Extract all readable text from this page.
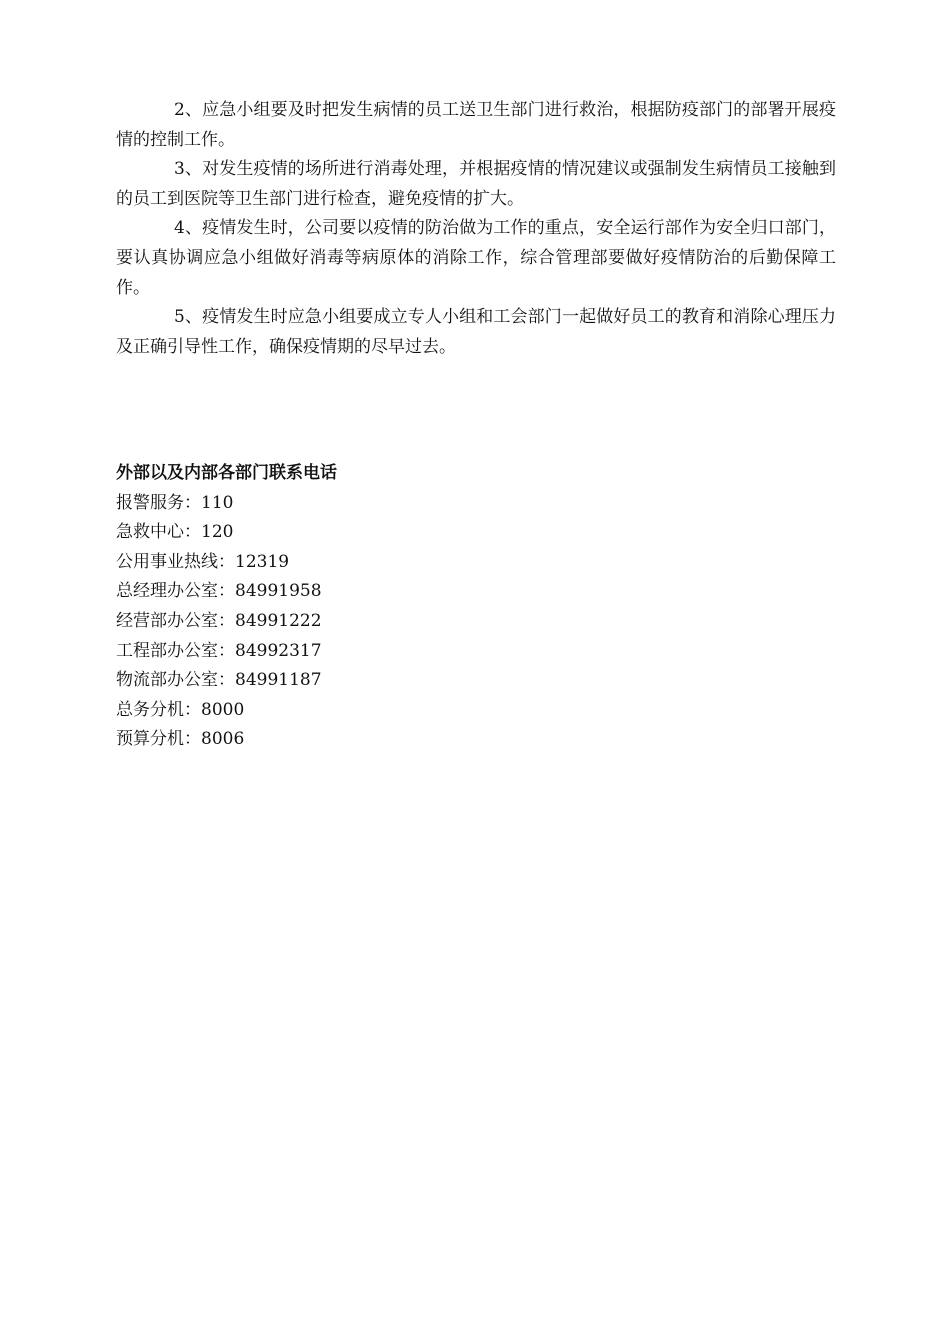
2、应急小组要及时把发生病情的员工送卫生部门进行救治，根据防疫部门的部署开展疫情的控制工作。

3、对发生疫情的场所进行消毒处理，并根据疫情的情况建议或强制发生病情员工接触到的员工到医院等卫生部门进行检查，避免疫情的扩大。

4、疫情发生时，公司要以疫情的防治做为工作的重点，安全运行部作为安全归口部门，要认真协调应急小组做好消毒等病原体的消除工作，综合管理部要做好疫情防治的后勤保障工作。

5、疫情发生时应急小组要成立专人小组和工会部门一起做好员工的教育和消除心理压力及正确引导性工作，确保疫情期的尽早过去。

外部以及内部各部门联系电话
报警服务：110
急救中心：120
公用事业热线：12319
总经理办公室：84991958
经营部办公室：84991222
工程部办公室：84992317
物流部办公室：84991187
总务分机：8000
预算分机：8006
